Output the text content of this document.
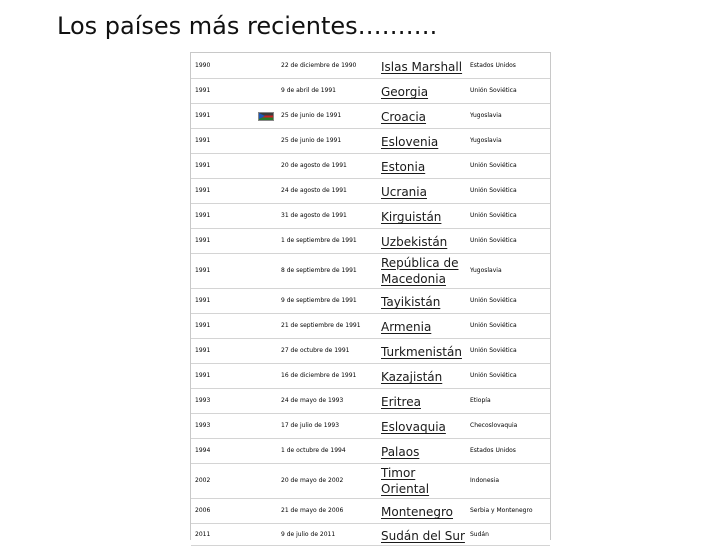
Los países más recientes……….
1990		22 de diciembre de 1990	Islas Marshall	Estados Unidos
1991		9 de abril de 1991	Georgia	Unión Soviética
1991		25 de junio de 1991	Croacia	Yugoslavia
1991		25 de junio de 1991	Eslovenia	Yugoslavia
1991		20 de agosto de 1991	Estonia	Unión Soviética
1991		24 de agosto de 1991	Ucrania	Unión Soviética
1991		31 de agosto de 1991	Kirguistán	Unión Soviética
1991		1 de septiembre de 1991	Uzbekistán	Unión Soviética
1991		8 de septiembre de 1991	República de Macedonia	Yugoslavia
1991		9 de septiembre de 1991	Tayikistán	Unión Soviética
1991		21 de septiembre de 1991	Armenia	Unión Soviética
1991		27 de octubre de 1991	Turkmenistán	Unión Soviética
1991		16 de diciembre de 1991	Kazajistán	Unión Soviética
1993		24 de mayo de 1993	Eritrea	Etiopía
1993		17 de julio de 1993	Eslovaquia	Checoslovaquia
1994		1 de octubre de 1994	Palaos	Estados Unidos
2002		20 de mayo de 2002	Timor Oriental	Indonesia
2006		21 de mayo de 2006	Montenegro	Serbia y Montenegro
2011		9 de julio de 2011	Sudán del Sur	Sudán
